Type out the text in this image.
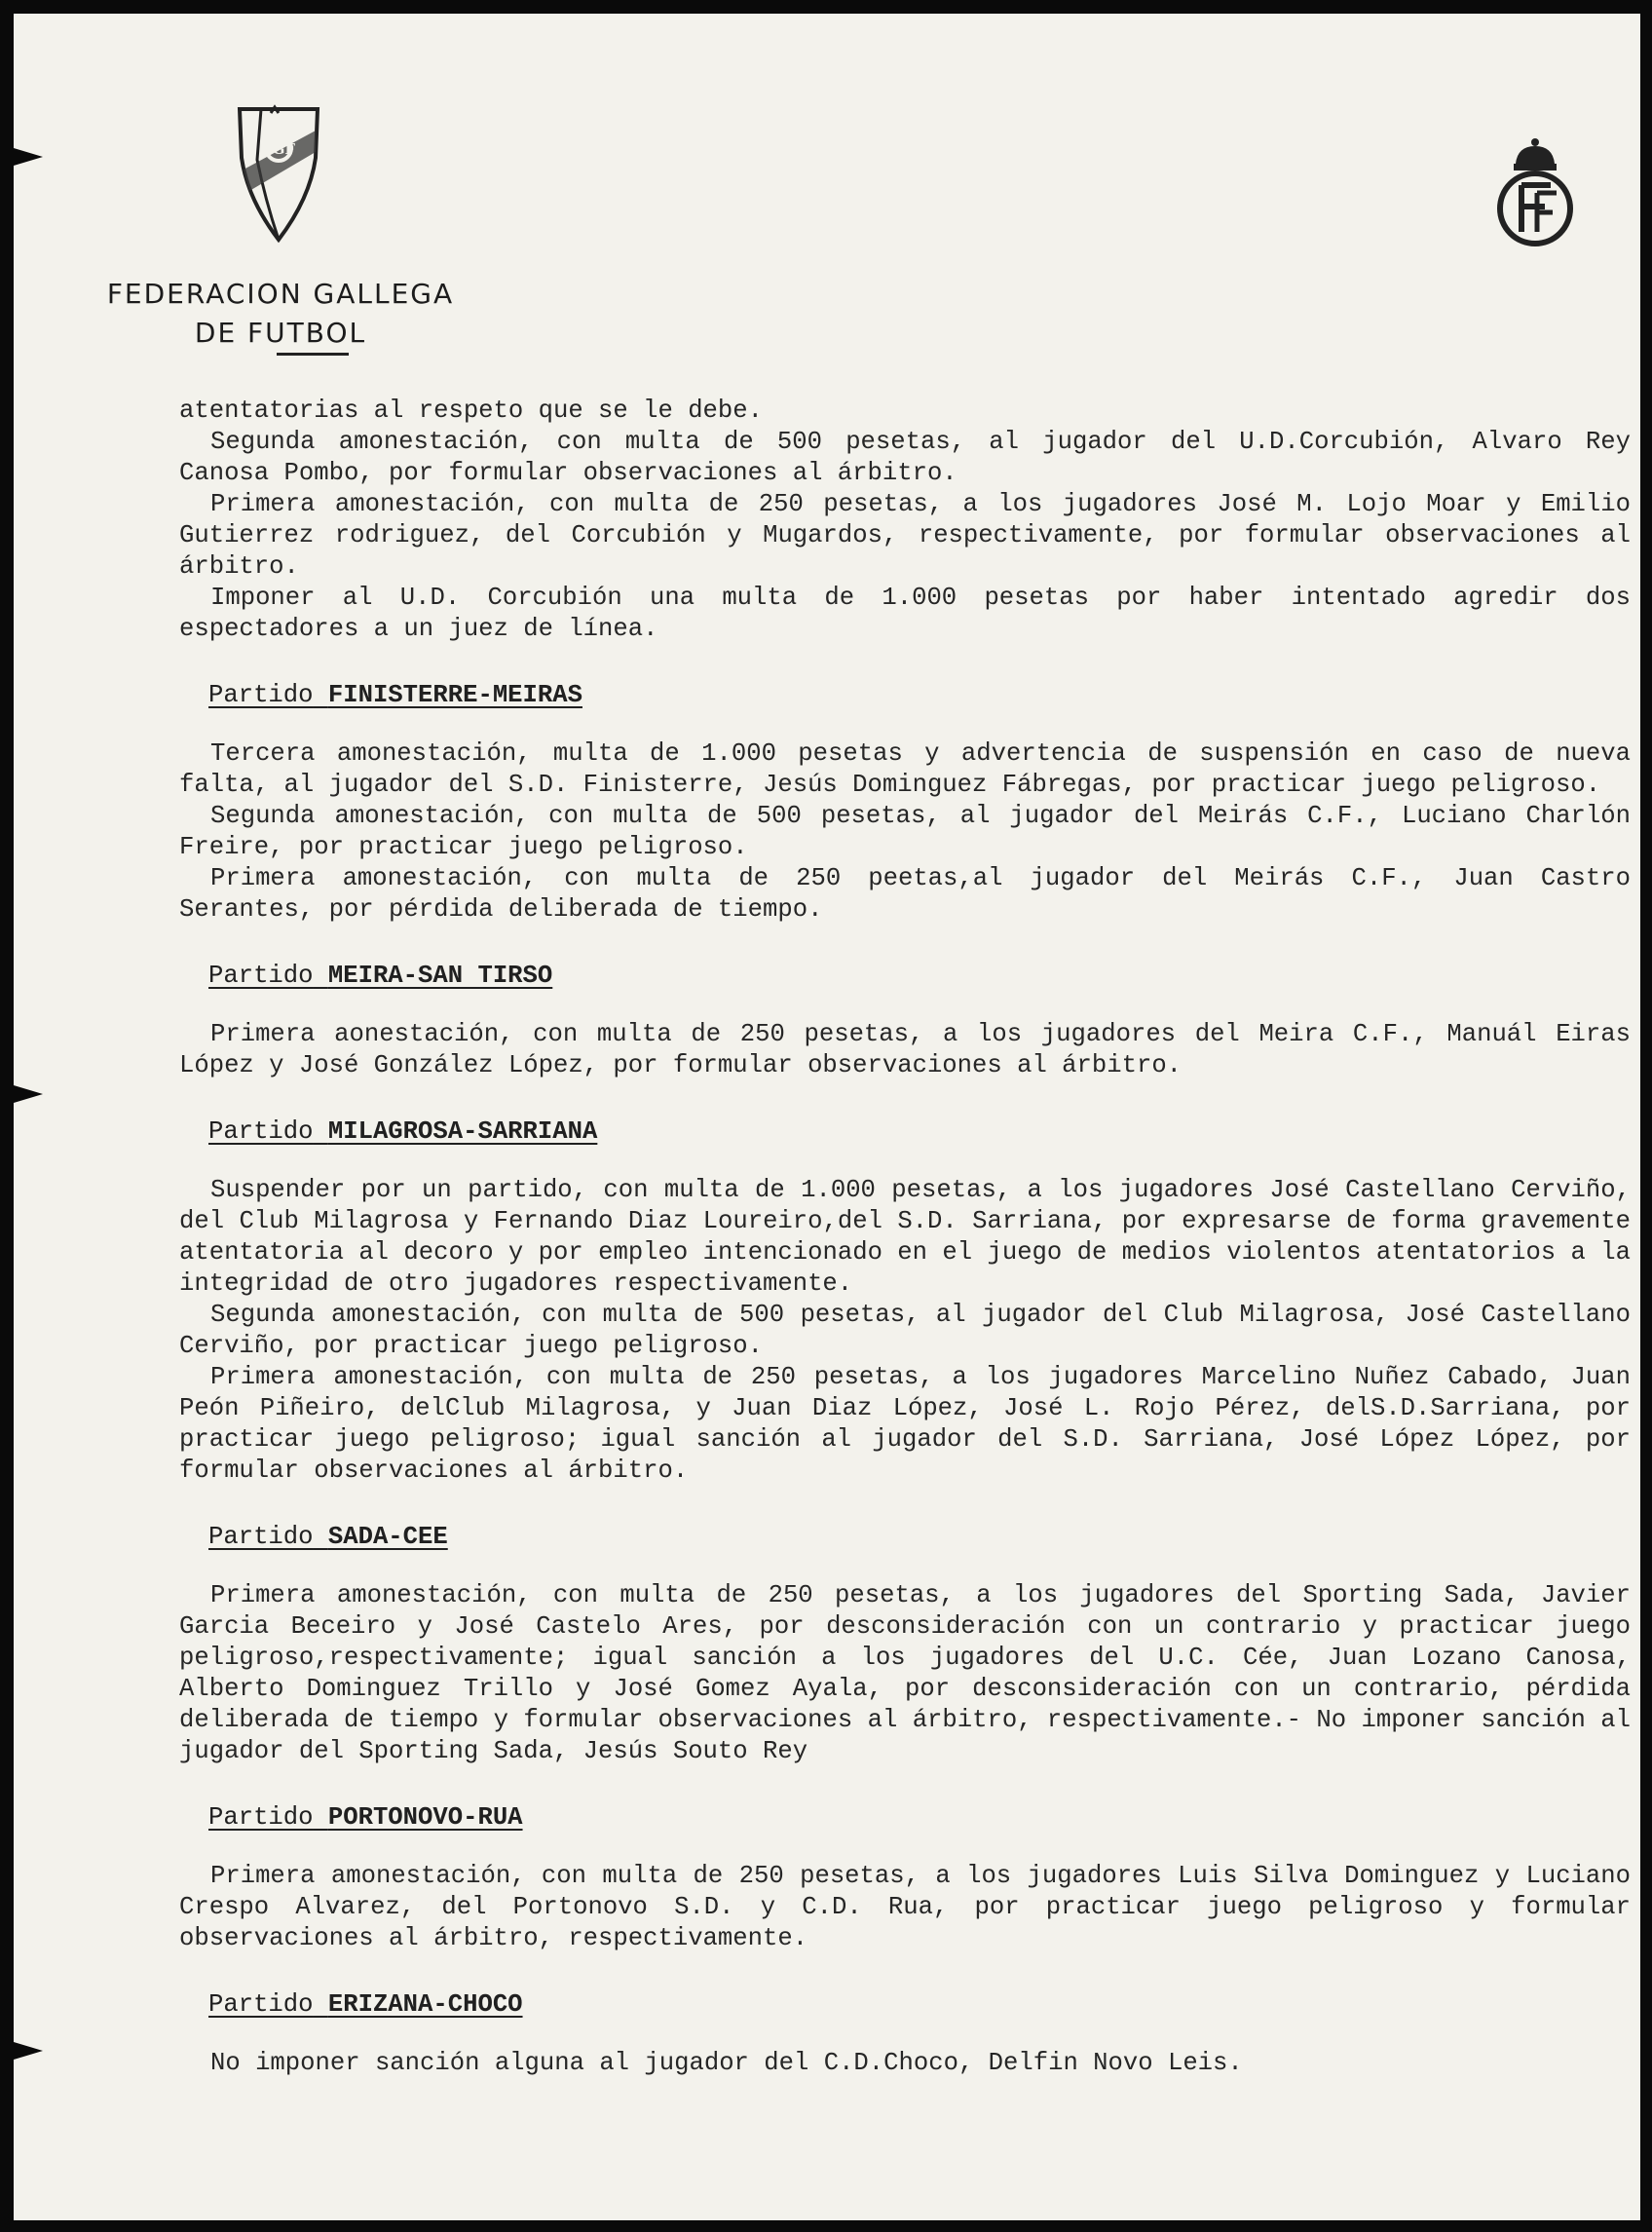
FGF
FEDERACION GALLEGA
DE FUTBOL

atentatorias al respeto que se le debe.

Segunda amonestación, con multa de 500 pesetas, al jugador del U.D.Corcubión, Alvaro Rey Canosa Pombo, por formular observaciones al árbitro.

Primera amonestación, con multa de 250 pesetas, a los jugadores José M. Lojo Moar y Emilio Gutierrez rodriguez, del Corcubión y Mugardos, respectivamente, por formular observaciones al árbitro.

Imponer al U.D. Corcubión una multa de 1.000 pesetas por haber intentado agredir dos espectadores a un juez de línea.

Partido FINISTERRE-MEIRAS

Tercera amonestación, multa de 1.000 pesetas y advertencia de suspensión en caso de nueva falta, al jugador del S.D. Finisterre, Jesús Dominguez Fábregas, por practicar juego peligroso.

Segunda amonestación, con multa de 500 pesetas, al jugador del Meirás C.F., Luciano Charlón Freire, por practicar juego peligroso.

Primera amonestación, con multa de 250 peetas,al jugador del Meirás C.F., Juan Castro Serantes, por pérdida deliberada de tiempo.

Partido MEIRA-SAN TIRSO

Primera aonestación, con multa de 250 pesetas, a los jugadores del Meira C.F., Manuál Eiras López y José González López, por formular observaciones al árbitro.

Partido MILAGROSA-SARRIANA

Suspender por un partido, con multa de 1.000 pesetas, a los jugadores José Castellano Cerviño, del Club Milagrosa y Fernando Diaz Loureiro,del S.D. Sarriana, por expresarse de forma gravemente atentatoria al decoro y por empleo intencionado en el juego de medios violentos atentatorios a la integridad de otro jugadores respectivamente.

Segunda amonestación, con multa de 500 pesetas, al jugador del Club Milagrosa, José Castellano Cerviño, por practicar juego peligroso.

Primera amonestación, con multa de 250 pesetas, a los jugadores Marcelino Nuñez Cabado, Juan Peón Piñeiro, delClub Milagrosa, y Juan Diaz López, José L. Rojo Pérez, delS.D.Sarriana, por practicar juego peligroso; igual sanción al jugador del S.D. Sarriana, José López López, por formular observaciones al árbitro.

Partido SADA-CEE

Primera amonestación, con multa de 250 pesetas, a los jugadores del Sporting Sada, Javier Garcia Beceiro y José Castelo Ares, por desconsideración con un contrario y practicar juego peligroso,respectivamente; igual sanción a los jugadores del U.C. Cée, Juan Lozano Canosa, Alberto Dominguez Trillo y José Gomez Ayala, por desconsideración con un contrario, pérdida deliberada de tiempo y formular observaciones al árbitro, respectivamente.- No imponer sanción al jugador del Sporting Sada, Jesús Souto Rey

Partido PORTONOVO-RUA

Primera amonestación, con multa de 250 pesetas, a los jugadores Luis Silva Dominguez y Luciano Crespo Alvarez, del Portonovo S.D. y C.D. Rua, por practicar juego peligroso y formular observaciones al árbitro, respectivamente.

Partido ERIZANA-CHOCO

No imponer sanción alguna al jugador del C.D.Choco, Delfin Novo Leis.
